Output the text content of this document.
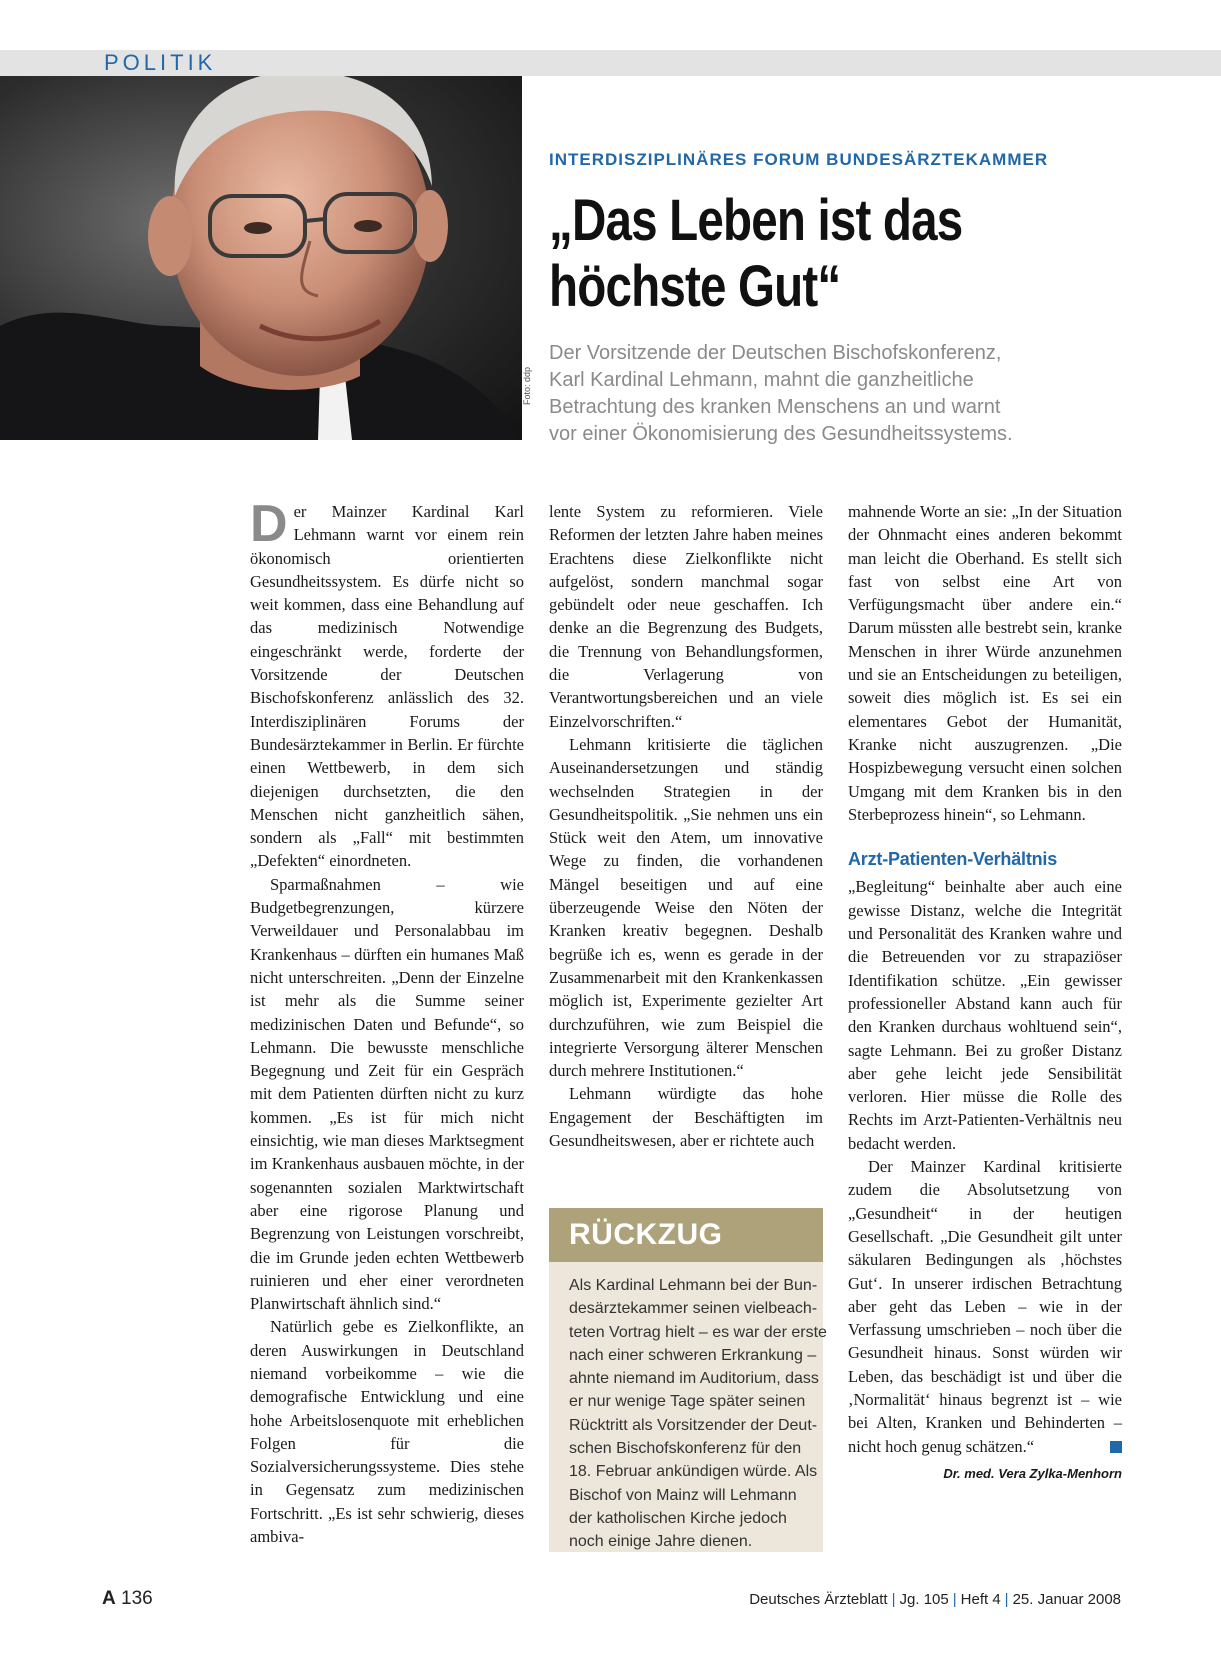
POLITIK
Foto: ddp
INTERDISZIPLINÄRES FORUM BUNDESÄRZTEKAMMER
„Das Leben ist das
höchste Gut“
Der Vorsitzende der Deutschen Bischofskonferenz,
Karl Kardinal Lehmann, mahnt die ganzheitliche
Betrachtung des kranken Menschens an und warnt
vor einer Ökonomisierung des Gesundheitssystems.

Der Mainzer Kardinal Karl Lehmann warnt vor einem rein ökonomisch orientierten Gesundheitssystem. Es dürfe nicht so weit kommen, dass eine Behandlung auf das medizinisch Notwendige eingeschränkt werde, forderte der Vorsitzende der Deutschen Bischofskonferenz anlässlich des 32. Interdisziplinären Forums der Bundesärztekammer in Berlin. Er fürchte einen Wettbewerb, in dem sich diejenigen durchsetzten, die den Menschen nicht ganzheitlich sähen, sondern als „Fall“ mit bestimmten „Defekten“ einordneten.

Sparmaßnahmen – wie Budgetbegrenzungen, kürzere Verweildauer und Personalabbau im Krankenhaus – dürften ein humanes Maß nicht unterschreiten. „Denn der Einzelne ist mehr als die Summe seiner medizinischen Daten und Befunde“, so Lehmann. Die bewusste menschliche Begegnung und Zeit für ein Gespräch mit dem Patienten dürften nicht zu kurz kommen. „Es ist für mich nicht einsichtig, wie man dieses Marktsegment im Krankenhaus ausbauen möchte, in der sogenannten sozialen Marktwirtschaft aber eine rigorose Planung und Begrenzung von Leistungen vorschreibt, die im Grunde jeden echten Wettbewerb ruinieren und eher einer verordneten Planwirtschaft ähnlich sind.“

Natürlich gebe es Zielkonflikte, an deren Auswirkungen in Deutschland niemand vorbeikomme – wie die demografische Entwicklung und eine hohe Arbeitslosenquote mit erheblichen Folgen für die Sozialversicherungssysteme. Dies stehe in Gegensatz zum medizinischen Fortschritt. „Es ist sehr schwierig, dieses ambiva-

lente System zu reformieren. Viele Reformen der letzten Jahre haben meines Erachtens diese Zielkonflikte nicht aufgelöst, sondern manchmal sogar gebündelt oder neue geschaffen. Ich denke an die Begrenzung des Budgets, die Trennung von Behandlungsformen, die Verlagerung von Verantwortungsbereichen und an viele Einzelvorschriften.“

Lehmann kritisierte die täglichen Auseinandersetzungen und ständig wechselnden Strategien in der Gesundheitspolitik. „Sie nehmen uns ein Stück weit den Atem, um innovative Wege zu finden, die vorhandenen Mängel beseitigen und auf eine überzeugende Weise den Nöten der Kranken kreativ begegnen. Deshalb begrüße ich es, wenn es gerade in der Zusammenarbeit mit den Krankenkassen möglich ist, Experimente gezielter Art durchzuführen, wie zum Beispiel die integrierte Versorgung älterer Menschen durch mehrere Institutionen.“

Lehmann würdigte das hohe Engagement der Beschäftigten im Gesundheitswesen, aber er richtete auch

RÜCKZUG
Als Kardinal Lehmann bei der Bun-
desärztekammer seinen vielbeach-
teten Vortrag hielt – es war der erste
nach einer schweren Erkrankung –
ahnte niemand im Auditorium, dass
er nur wenige Tage später seinen
Rücktritt als Vorsitzender der Deut-
schen Bischofskonferenz für den
18. Februar ankündigen würde. Als
Bischof von Mainz will Lehmann
der katholischen Kirche jedoch
noch einige Jahre dienen.

mahnende Worte an sie: „In der Situation der Ohnmacht eines anderen bekommt man leicht die Oberhand. Es stellt sich fast von selbst eine Art von Verfügungsmacht über andere ein.“ Darum müssten alle bestrebt sein, kranke Menschen in ihrer Würde anzunehmen und sie an Entscheidungen zu beteiligen, soweit dies möglich ist. Es sei ein elementares Gebot der Humanität, Kranke nicht auszugrenzen. „Die Hospizbewegung versucht einen solchen Umgang mit dem Kranken bis in den Sterbeprozess hinein“, so Lehmann.

Arzt-Patienten-Verhältnis

„Begleitung“ beinhalte aber auch eine gewisse Distanz, welche die Integrität und Personalität des Kranken wahre und die Betreuenden vor zu strapaziöser Identifikation schütze. „Ein gewisser professioneller Abstand kann auch für den Kranken durchaus wohltuend sein“, sagte Lehmann. Bei zu großer Distanz aber gehe leicht jede Sensibilität verloren. Hier müsse die Rolle des Rechts im Arzt-Patienten-Verhältnis neu bedacht werden.

Der Mainzer Kardinal kritisierte zudem die Absolutsetzung von „Gesundheit“ in der heutigen Gesellschaft. „Die Gesundheit gilt unter säkularen Bedingungen als ‚höchstes Gut‘. In unserer irdischen Betrachtung aber geht das Leben – wie in der Verfassung umschrieben – noch über die Gesundheit hinaus. Sonst würden wir Leben, das beschädigt ist und über die ‚Normalität‘ hinaus begrenzt ist – wie bei Alten, Kranken und Behinderten – nicht hoch genug schätzen.“

Dr. med. Vera Zylka-Menhorn
A 136	Deutsches Ärzteblatt | Jg. 105 | Heft 4 | 25. Januar 2008
